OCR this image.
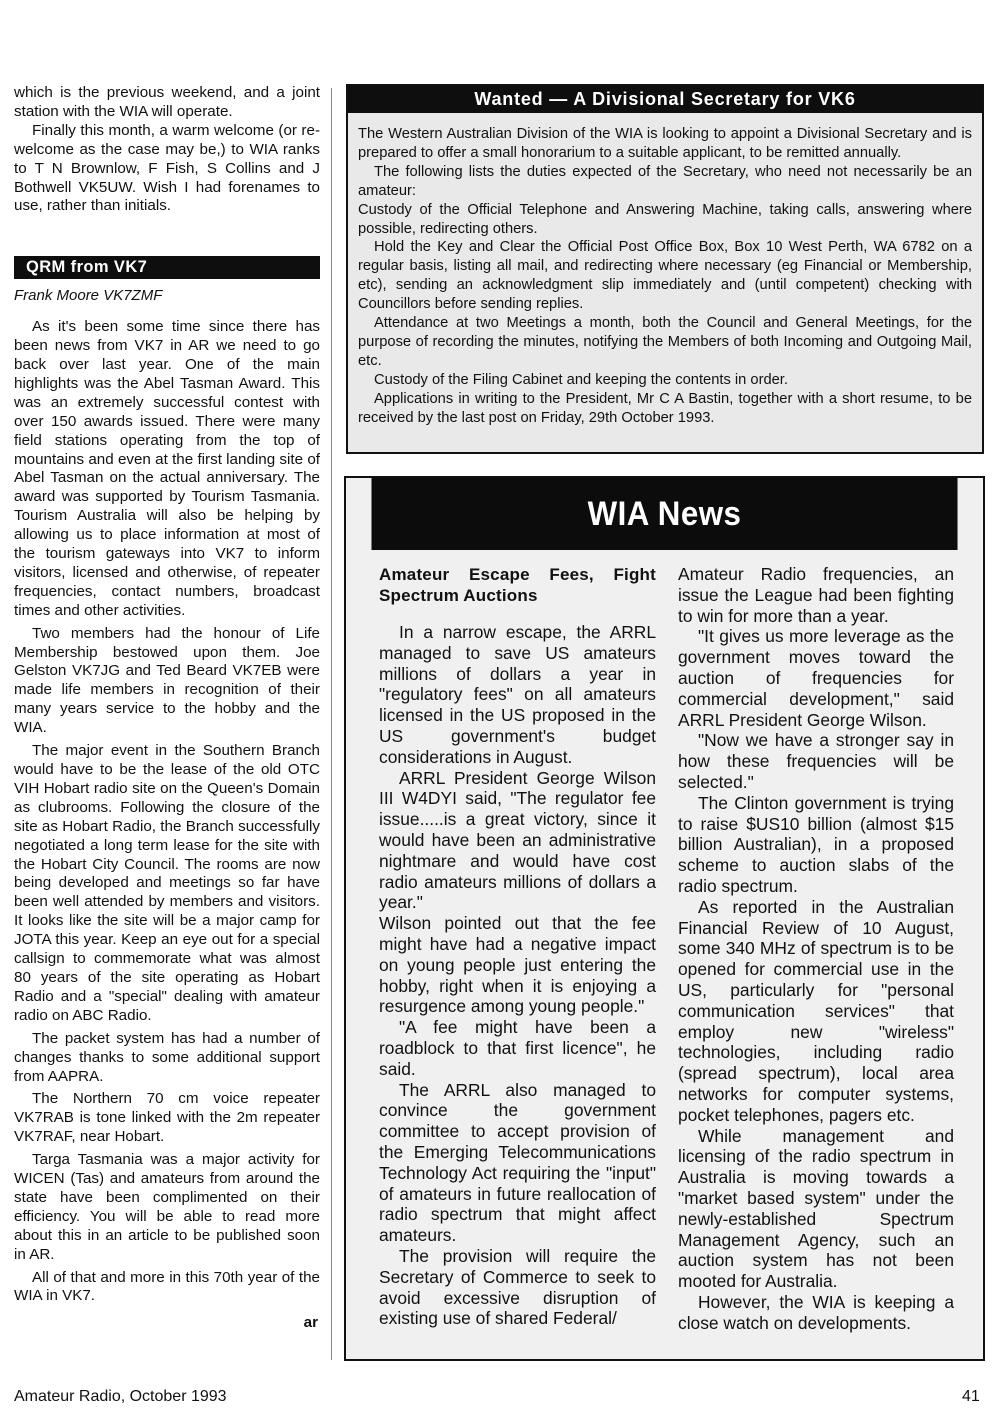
which is the previous weekend, and a joint station with the WIA will operate.

Finally this month, a warm welcome (or re-welcome as the case may be,) to WIA ranks to T N Brownlow, F Fish, S Collins and J Bothwell VK5UW. Wish I had forenames to use, rather than initials.

QRM from VK7
Frank Moore VK7ZMF

As it's been some time since there has been news from VK7 in AR we need to go back over last year. One of the main highlights was the Abel Tasman Award. This was an extremely successful contest with over 150 awards issued. There were many field stations operating from the top of mountains and even at the first landing site of Abel Tasman on the actual anniversary. The award was supported by Tourism Tasmania. Tourism Australia will also be helping by allowing us to place information at most of the tourism gateways into VK7 to inform visitors, licensed and otherwise, of repeater frequencies, contact numbers, broadcast times and other activities.

Two members had the honour of Life Membership bestowed upon them. Joe Gelston VK7JG and Ted Beard VK7EB were made life members in recognition of their many years service to the hobby and the WIA.

The major event in the Southern Branch would have to be the lease of the old OTC VIH Hobart radio site on the Queen's Domain as clubrooms. Following the closure of the site as Hobart Radio, the Branch successfully negotiated a long term lease for the site with the Hobart City Council. The rooms are now being developed and meetings so far have been well attended by members and visitors. It looks like the site will be a major camp for JOTA this year. Keep an eye out for a special callsign to commemorate what was almost 80 years of the site operating as Hobart Radio and a "special" dealing with amateur radio on ABC Radio.

The packet system has had a number of changes thanks to some additional support from AAPRA.

The Northern 70 cm voice repeater VK7RAB is tone linked with the 2m repeater VK7RAF, near Hobart.

Targa Tasmania was a major activity for WICEN (Tas) and amateurs from around the state have been complimented on their efficiency. You will be able to read more about this in an article to be published soon in AR.

All of that and more in this 70th year of the WIA in VK7.

ar
Wanted — A Divisional Secretary for VK6

The Western Australian Division of the WIA is looking to appoint a Divisional Secretary and is prepared to offer a small honorarium to a suitable applicant, to be remitted annually.

The following lists the duties expected of the Secretary, who need not necessarily be an amateur:

Custody of the Official Telephone and Answering Machine, taking calls, answering where possible, redirecting others.

Hold the Key and Clear the Official Post Office Box, Box 10 West Perth, WA 6782 on a regular basis, listing all mail, and redirecting where necessary (eg Financial or Membership, etc), sending an acknowledgment slip immediately and (until competent) checking with Councillors before sending replies.

Attendance at two Meetings a month, both the Council and General Meetings, for the purpose of recording the minutes, notifying the Members of both Incoming and Outgoing Mail, etc.

Custody of the Filing Cabinet and keeping the contents in order.

Applications in writing to the President, Mr C A Bastin, together with a short resume, to be received by the last post on Friday, 29th October 1993.

WIA News
Amateur Escape Fees, Fight Spectrum Auctions

In a narrow escape, the ARRL managed to save US amateurs millions of dollars a year in "regulatory fees" on all amateurs licensed in the US proposed in the US government's budget considerations in August.

ARRL President George Wilson III W4DYI said, "The regulator fee issue.....is a great victory, since it would have been an administrative nightmare and would have cost radio amateurs millions of dollars a year."

Wilson pointed out that the fee might have had a negative impact on young people just entering the hobby, right when it is enjoying a resurgence among young people."

"A fee might have been a roadblock to that first licence", he said.

The ARRL also managed to convince the government committee to accept provision of the Emerging Telecommunications Technology Act requiring the "input" of amateurs in future reallocation of radio spectrum that might affect amateurs.

The provision will require the Secretary of Commerce to seek to avoid excessive disruption of existing use of shared Federal/

Amateur Radio frequencies, an issue the League had been fighting to win for more than a year.

"It gives us more leverage as the government moves toward the auction of frequencies for commercial development," said ARRL President George Wilson.

"Now we have a stronger say in how these frequencies will be selected."

The Clinton government is trying to raise $US10 billion (almost $15 billion Australian), in a proposed scheme to auction slabs of the radio spectrum.

As reported in the Australian Financial Review of 10 August, some 340 MHz of spectrum is to be opened for commercial use in the US, particularly for "personal communication services" that employ new "wireless" technologies, including radio (spread spectrum), local area networks for computer systems, pocket telephones, pagers etc.

While management and licensing of the radio spectrum in Australia is moving towards a "market based system" under the newly-established Spectrum Management Agency, such an auction system has not been mooted for Australia.

However, the WIA is keeping a close watch on developments.

Amateur Radio, October 1993	41
